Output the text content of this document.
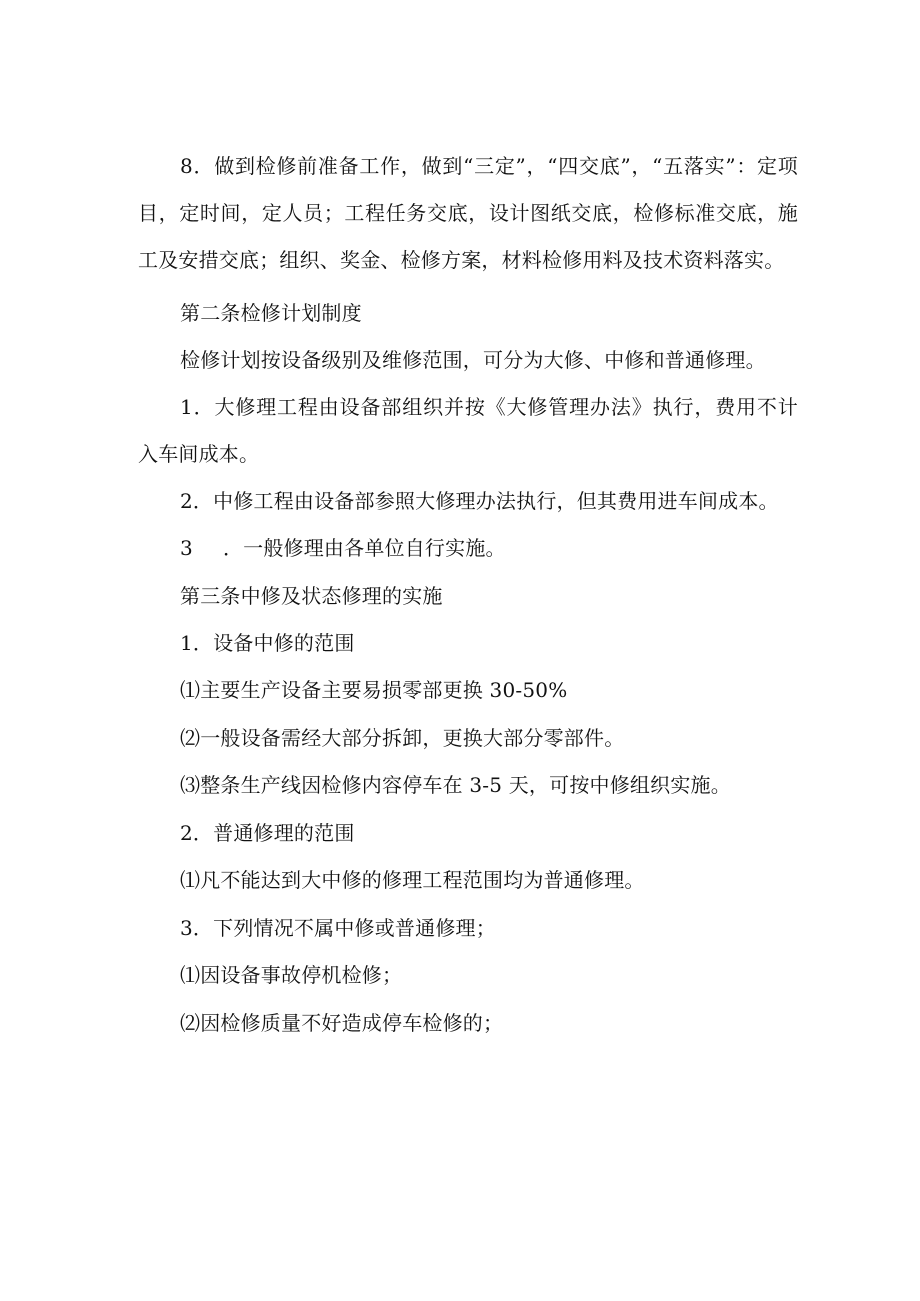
8．做到检修前准备工作，做到“三定”，“四交底”，“五落实”：定项目，定时间，定人员；工程任务交底，设计图纸交底，检修标准交底，施工及安措交底；组织、奖金、检修方案，材料检修用料及技术资料落实。
第二条检修计划制度
检修计划按设备级别及维修范围，可分为大修、中修和普通修理。
1．大修理工程由设备部组织并按《大修管理办法》执行，费用不计入车间成本。
2．中修工程由设备部参照大修理办法执行，但其费用进车间成本。
3 ．一般修理由各单位自行实施。
第三条中修及状态修理的实施
1．设备中修的范围
⑴主要生产设备主要易损零部更换 30-50%
⑵一般设备需经大部分拆卸，更换大部分零部件。
⑶整条生产线因检修内容停车在 3-5 天，可按中修组织实施。
2．普通修理的范围
⑴凡不能达到大中修的修理工程范围均为普通修理。
3．下列情况不属中修或普通修理；
⑴因设备事故停机检修；
⑵因检修质量不好造成停车检修的；
